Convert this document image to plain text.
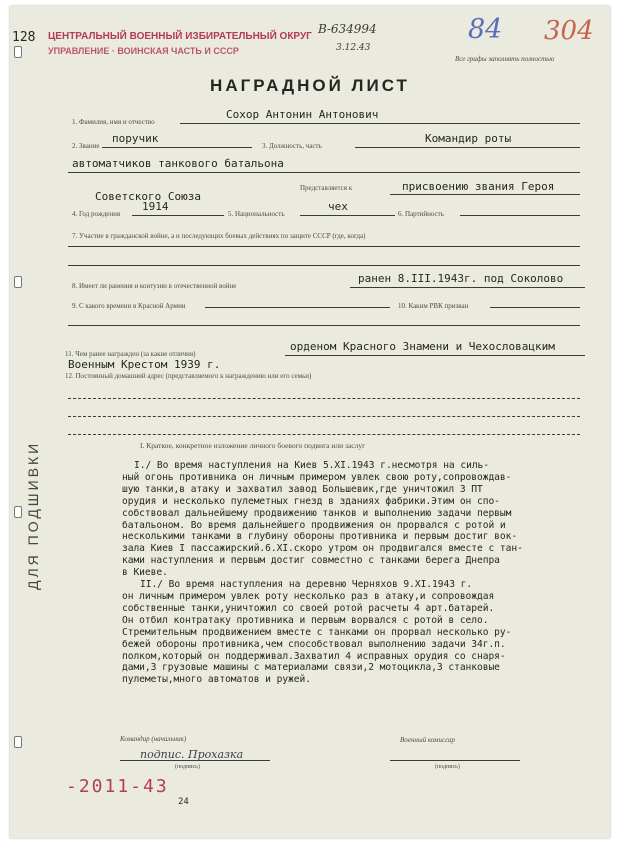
128 ЦЕНТРАЛЬНЫЙ ВОЕННЫЙ ИЗБИРАТЕЛЬНЫЙ ОКРУГ
УПРАВЛЕНИЕ · ВОИНСКАЯ ЧАСТЬ И СССР
В-634994
3.12.43
84 304
Все графы заполнять полностью
НАГРАДНОЙ ЛИСТ
1. Фамилия, имя и отчество
Сохор Антонин Антонович
2. Звание
поручик
3. Должность, часть
Командир роты
автоматчиков танкового батальона
Советского Союза
Представляется к	присвоению звания Героя
4. Год рождения
1914
5. Национальность
чех
6. Партийность
7. Участие в гражданской войне, а и последующих боевых действиях по защите СССР (где, когда)
8. Имеет ли ранения и контузии в отечественной войне
ранен 8.III.1943г. под Соколово
9. С какого времени в Красной Армии	10. Каким РВК призван
11. Чем ранее награжден (за какие отличия)
орденом Красного Знамени и Чехословацким
Военным Крестом 1939 г.
12. Постоянный домашний адрес (представляемого к награждению или его семьи)
I. Краткое, конкретное изложение личного боевого подвига или заслуг
I./ Во время наступления на Киев 5.XI.1943 г.несмотря на силь-
ный огонь противника он личным примером увлек свою роту,сопровождав-
шую танки,в атаку и захватил завод Большевик,где уничтожил 3 ПТ
орудия и несколько пулеметных гнезд в зданиях фабрики.Этим он спо-
собствовал дальнейшему продвижению танков и выполнению задачи первым
батальоном. Во время дальнейшего продвижения он прорвался с ротой и
несколькими танками в глубину обороны противника и первым достиг вок-
зала Киев I пассажирский.6.XI.скоро утром он продвигался вместе с тан-
ками наступления и первым достиг совместно с танками берега Днепра
в Киеве.
II./ Во время наступления на деревню Черняхов 9.XI.1943 г.
он личным примером увлек роту несколько раз в атаку,и сопровождая
собственные танки,уничтожил со своей ротой расчеты 4 арт.батарей.
Он отбил контратаку противника и первым ворвался с ротой в село.
Стремительным продвижением вместе с танками он прорвал несколько ру-
бежей обороны противника,чем способствовал выполнению задачи 34г.п.
полком,который он поддерживал.Захватил 4 исправных орудия со снаря-
дами,3 грузовые машины с материалами связи,2 мотоцикла,3 станковые
пулеметы,много автоматов и ружей.
Командир (начальник)
подпис. Прохазка
(подпись)
Военный комиссар
(подпись)
-2011-43
24
ДЛЯ ПОДШИВКИ
